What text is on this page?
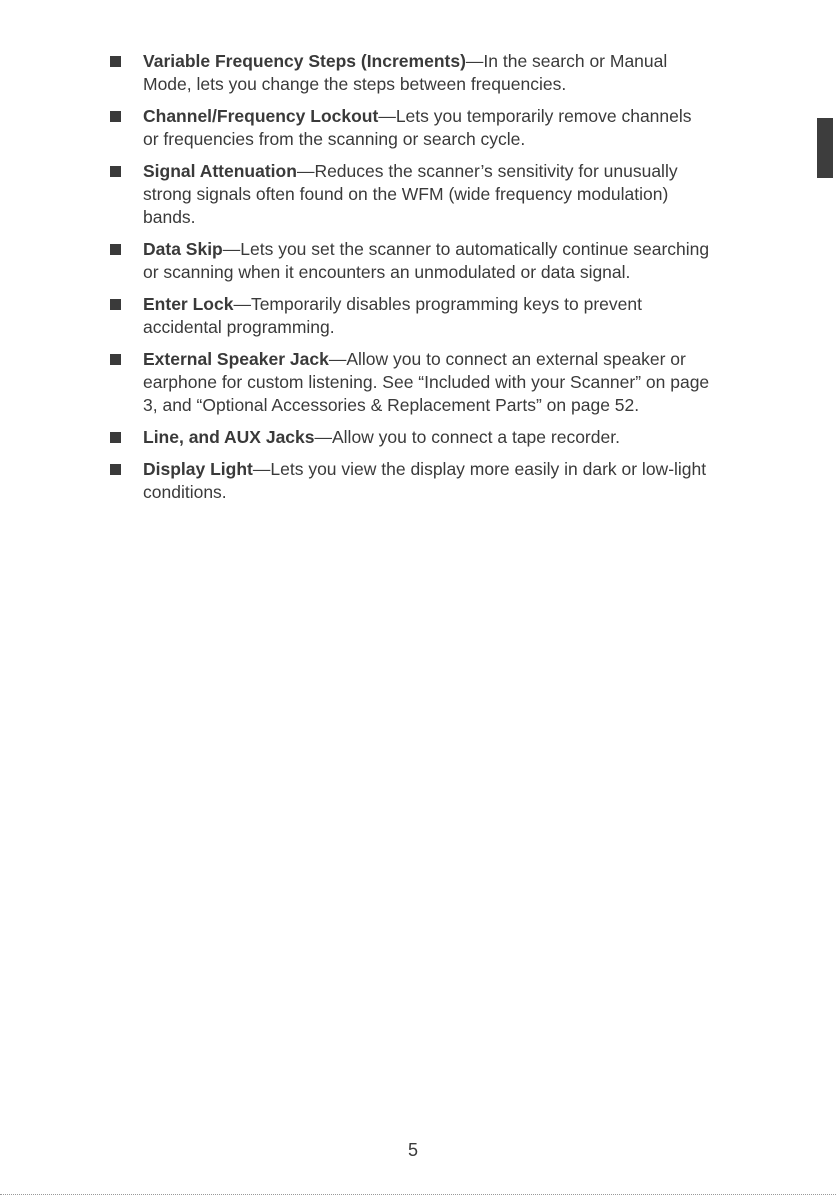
Variable Frequency Steps (Increments)—In the search or Manual Mode, lets you change the steps between frequencies.
Channel/Frequency Lockout—Lets you temporarily remove channels or frequencies from the scanning or search cycle.
Signal Attenuation—Reduces the scanner’s sensitivity for unusually strong signals often found on the WFM (wide frequency modulation) bands.
Data Skip—Lets you set the scanner to automatically continue searching or scanning when it encounters an unmodulated or data signal.
Enter Lock—Temporarily disables programming keys to prevent accidental programming.
External Speaker Jack—Allow you to connect an external speaker or earphone for custom listening. See “Included with your Scanner” on page 3, and “Optional Accessories & Replacement Parts” on page 52.
Line, and AUX Jacks—Allow you to connect a tape recorder.
Display Light—Lets you view the display more easily in dark or low-light conditions.
5
